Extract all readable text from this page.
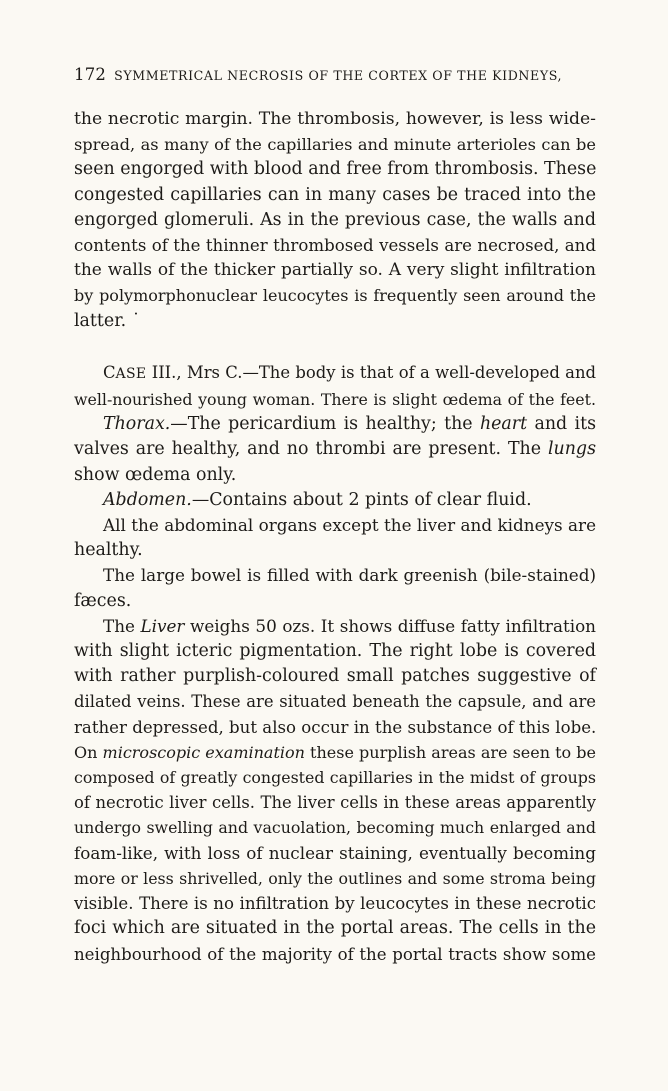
172 SYMMETRICAL NECROSIS OF THE CORTEX OF THE KIDNEYS,
the necrotic margin. The thrombosis, however, is less wide-
spread, as many of the capillaries and minute arterioles can be
seen engorged with blood and free from thrombosis. These
congested capillaries can in many cases be traced into the
engorged glomeruli. As in the previous case, the walls and
contents of the thinner thrombosed vessels are necrosed, and
the walls of the thicker partially so. A very slight infiltration
by polymorphonuclear leucocytes is frequently seen around the
latter. ˙
CASE III., Mrs C.—The body is that of a well-developed and
well-nourished young woman. There is slight œdema of the feet.
Thorax.—The pericardium is healthy; the heart and its
valves are healthy, and no thrombi are present. The lungs
show œdema only.
Abdomen.—Contains about 2 pints of clear fluid.
All the abdominal organs except the liver and kidneys are
healthy.
The large bowel is filled with dark greenish (bile-stained)
fæces.
The Liver weighs 50 ozs. It shows diffuse fatty infiltration
with slight icteric pigmentation. The right lobe is covered
with rather purplish-coloured small patches suggestive of
dilated veins. These are situated beneath the capsule, and are
rather depressed, but also occur in the substance of this lobe.
On microscopic examination these purplish areas are seen to be
composed of greatly congested capillaries in the midst of groups
of necrotic liver cells. The liver cells in these areas apparently
undergo swelling and vacuolation, becoming much enlarged and
foam-like, with loss of nuclear staining, eventually becoming
more or less shrivelled, only the outlines and some stroma being
visible. There is no infiltration by leucocytes in these necrotic
foci which are situated in the portal areas. The cells in the
neighbourhood of the majority of the portal tracts show some
